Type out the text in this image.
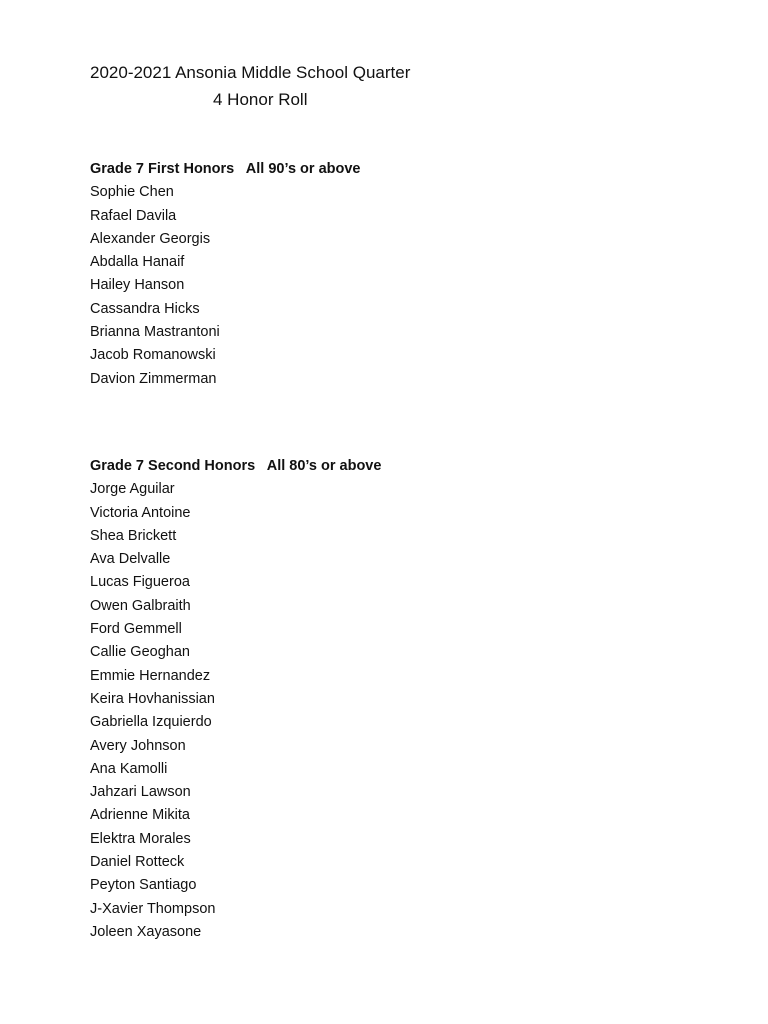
2020-2021 Ansonia Middle School Quarter
4 Honor Roll
Grade 7 First Honors   All 90’s or above
Sophie Chen
Rafael Davila
Alexander Georgis
Abdalla Hanaif
Hailey Hanson
Cassandra Hicks
Brianna Mastrantoni
Jacob Romanowski
Davion Zimmerman
Grade 7 Second Honors   All 80’s or above
Jorge Aguilar
Victoria Antoine
Shea Brickett
Ava Delvalle
Lucas Figueroa
Owen Galbraith
Ford Gemmell
Callie Geoghan
Emmie Hernandez
Keira Hovhanissian
Gabriella Izquierdo
Avery Johnson
Ana Kamolli
Jahzari Lawson
Adrienne Mikita
Elektra Morales
Daniel Rotteck
Peyton Santiago
J-Xavier Thompson
Joleen Xayasone
